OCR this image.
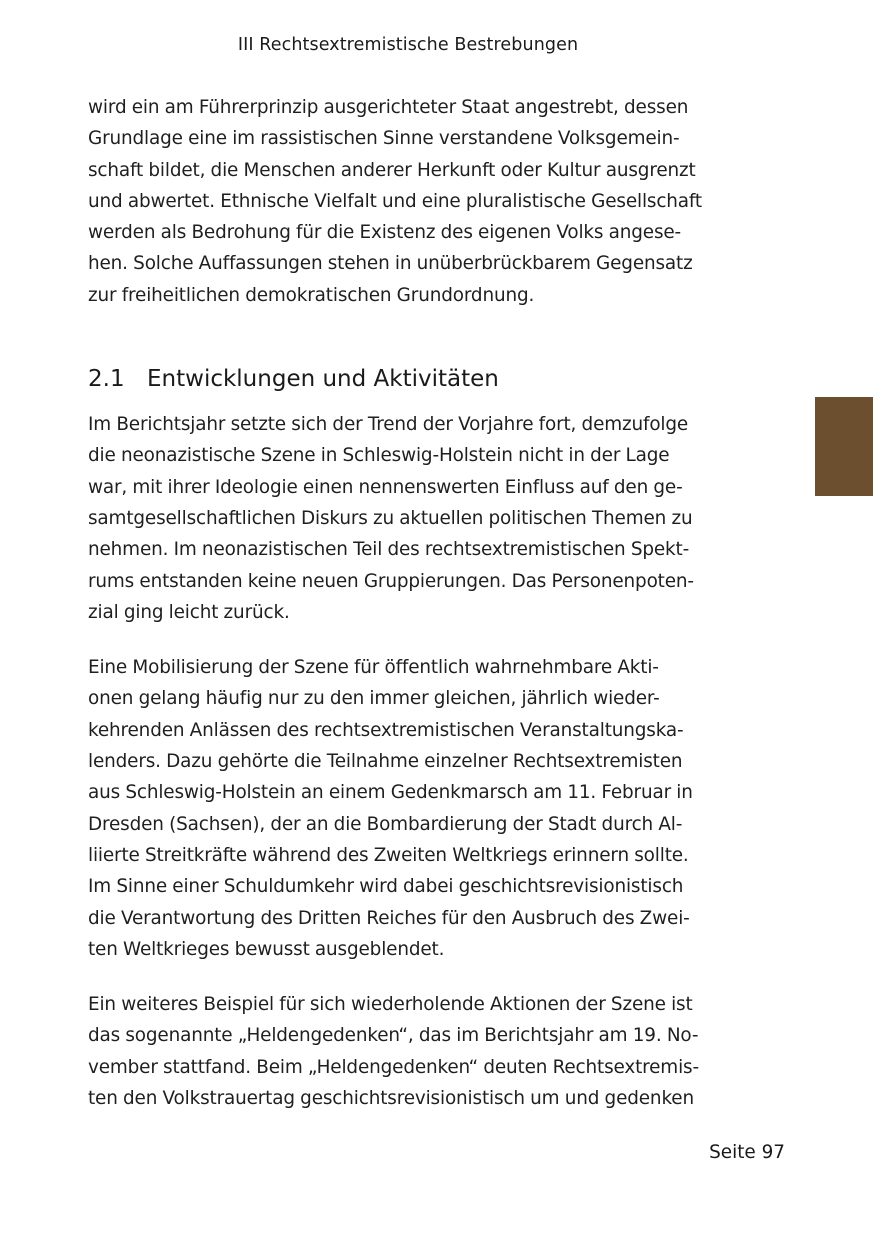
III Rechtsextremistische Bestrebungen

wird ein am Führerprinzip ausgerichteter Staat angestrebt, dessen
Grundlage eine im rassistischen Sinne verstandene Volksgemein-
schaft bildet, die Menschen anderer Herkunft oder Kultur ausgrenzt
und abwertet. Ethnische Vielfalt und eine pluralistische Gesellschaft
werden als Bedrohung für die Existenz des eigenen Volks angese-
hen. Solche Auffassungen stehen in unüberbrückbarem Gegensatz
zur freiheitlichen demokratischen Grundordnung.

2.1 Entwicklungen und Aktivitäten

Im Berichtsjahr setzte sich der Trend der Vorjahre fort, demzufolge
die neonazistische Szene in Schleswig-Holstein nicht in der Lage
war, mit ihrer Ideologie einen nennenswerten Einfluss auf den ge-
samtgesellschaftlichen Diskurs zu aktuellen politischen Themen zu
nehmen. Im neonazistischen Teil des rechtsextremistischen Spekt-
rums entstanden keine neuen Gruppierungen. Das Personenpoten-
zial ging leicht zurück.

Eine Mobilisierung der Szene für öffentlich wahrnehmbare Akti-
onen gelang häufig nur zu den immer gleichen, jährlich wieder-
kehrenden Anlässen des rechtsextremistischen Veranstaltungska-
lenders. Dazu gehörte die Teilnahme einzelner Rechtsextremisten
aus Schleswig-Holstein an einem Gedenkmarsch am 11. Februar in
Dresden (Sachsen), der an die Bombardierung der Stadt durch Al-
liierte Streitkräfte während des Zweiten Weltkriegs erinnern sollte.
Im Sinne einer Schuldumkehr wird dabei geschichtsrevisionistisch
die Verantwortung des Dritten Reiches für den Ausbruch des Zwei-
ten Weltkrieges bewusst ausgeblendet.

Ein weiteres Beispiel für sich wiederholende Aktionen der Szene ist
das sogenannte „Heldengedenken“, das im Berichtsjahr am 19. No-
vember stattfand. Beim „Heldengedenken“ deuten Rechtsextremis-
ten den Volkstrauertag geschichtsrevisionistisch um und gedenken

Seite 97
